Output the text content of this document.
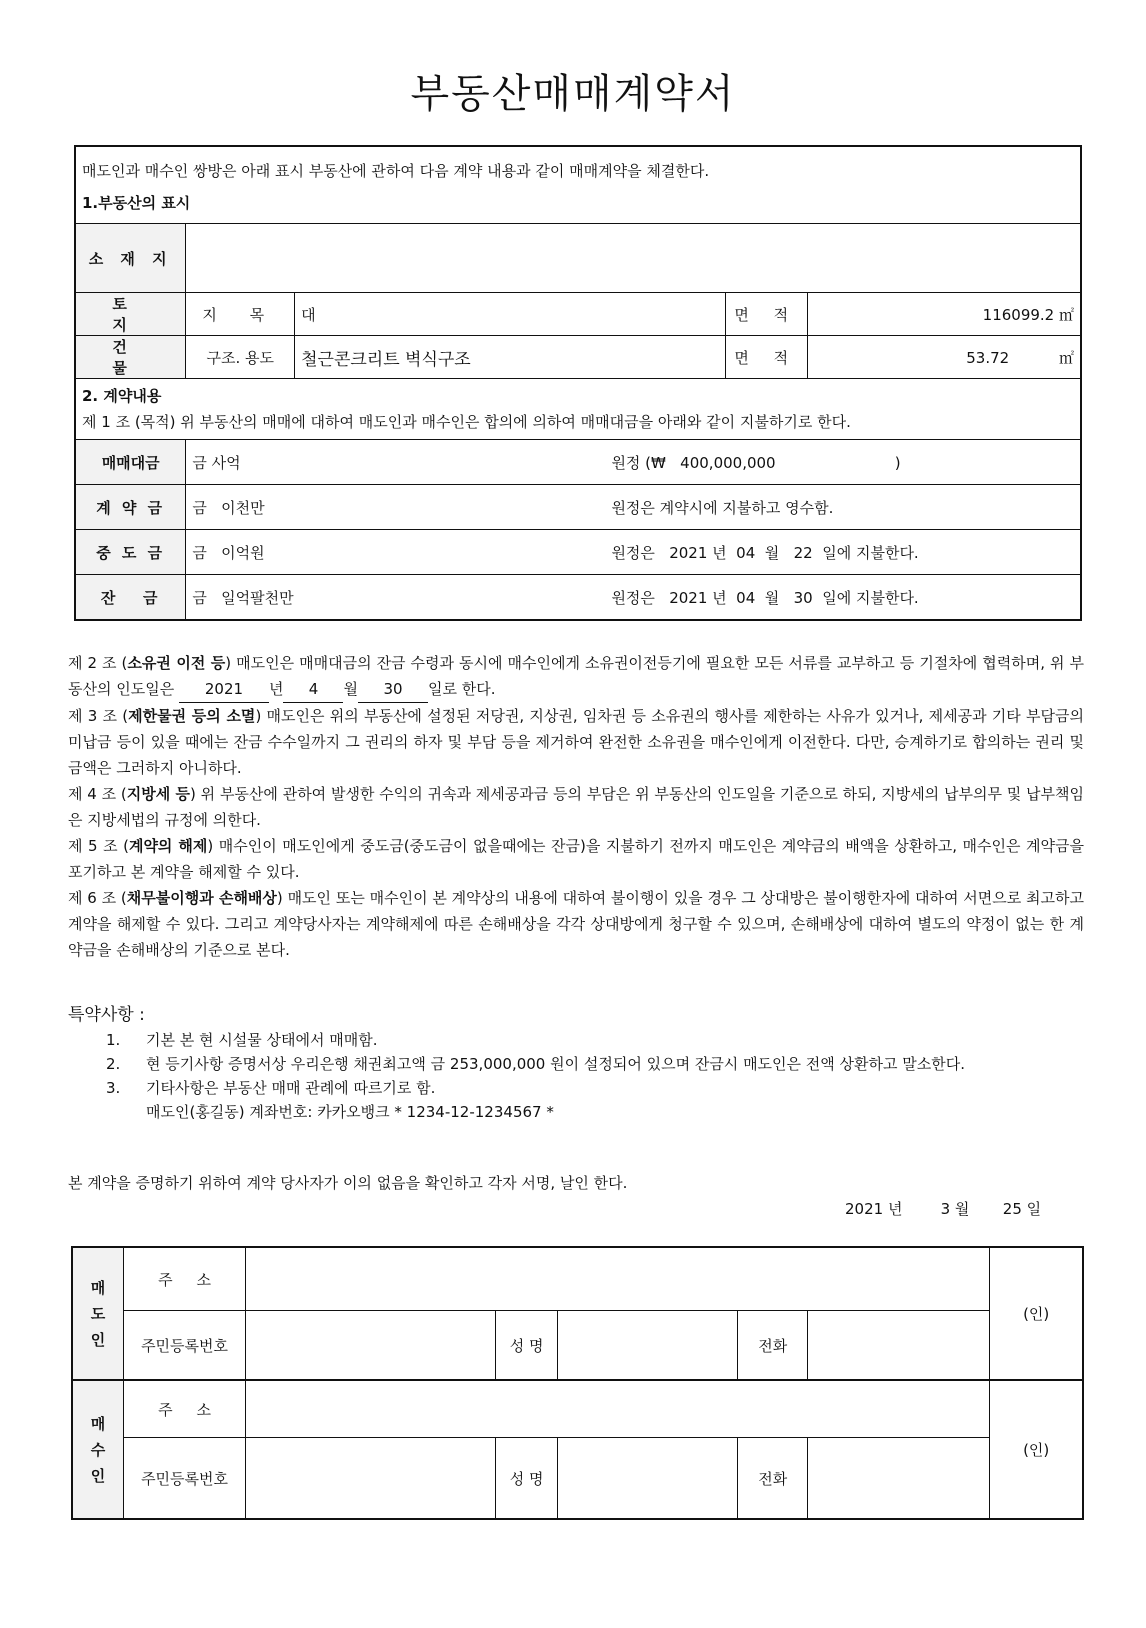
부동산매매계약서
매도인과 매수인 쌍방은 아래 표시 부동산에 관하여 다음 계약 내용과 같이 매매계약을 체결한다.
1.부동산의 표시				

소 재 지				
토 지	지 목	대	면 적	116099.2 ㎡
건 물	구조. 용도	철근콘크리트 벽식구조	면 적	53.72 ㎡

2. 계약내용
제 1 조 (목적) 위 부동산의 매매에 대하여 매도인과 매수인은 합의에 의하여 매매대금을 아래와 같이 지불하기로 한다.				

매매대금	금 사억		원정 (₩   400,000,000                         )	
계 약 금	금   이천만		원정은 계약시에 지불하고 영수함.	
중 도 금	금   이억원		원정은   2021 년  04  월   22  일에 지불한다.	
잔   금	금   일억팔천만		원정은   2021 년  04  월   30  일에 지불한다.	
제 2 조 (소유권 이전 등) 매도인은 매매대금의 잔금 수령과 동시에 매수인에게 소유권이전등기에 필요한 모든 서류를 교부하고 등 기절차에 협력하며, 위 부동산의 인도일은 2021 년 4 월 30 일로 한다.
제 3 조 (제한물권 등의 소멸) 매도인은 위의 부동산에 설정된 저당권, 지상권, 임차권 등 소유권의 행사를 제한하는 사유가 있거나, 제세공과 기타 부담금의 미납금 등이 있을 때에는 잔금 수수일까지 그 권리의 하자 및 부담 등을 제거하여 완전한 소유권을 매수인에게 이전한다. 다만, 승계하기로 합의하는 권리 및 금액은 그러하지 아니하다.
제 4 조 (지방세 등) 위 부동산에 관하여 발생한 수익의 귀속과 제세공과금 등의 부담은 위 부동산의 인도일을 기준으로 하되, 지방세의 납부의무 및 납부책임은 지방세법의 규정에 의한다.
제 5 조 (계약의 해제) 매수인이 매도인에게 중도금(중도금이 없을때에는 잔금)을 지불하기 전까지 매도인은 계약금의 배액을 상환하고, 매수인은 계약금을 포기하고 본 계약을 해제할 수 있다.
제 6 조 (채무불이행과 손해배상) 매도인 또는 매수인이 본 계약상의 내용에 대하여 불이행이 있을 경우 그 상대방은 불이행한자에 대하여 서면으로 최고하고 계약을 해제할 수 있다. 그리고 계약당사자는 계약해제에 따른 손해배상을 각각 상대방에게 청구할 수 있으며, 손해배상에 대하여 별도의 약정이 없는 한 계약금을 손해배상의 기준으로 본다.
특약사항 :
1.	기본 본 현 시설물 상태에서 매매함.
2.	현 등기사항 증명서상 우리은행 채권최고액 금 253,000,000 원이 설정되어 있으며 잔금시 매도인은 전액 상환하고 말소한다.
3.	기타사항은 부동산 매매 관례에 따르기로 함.
매도인(홍길동) 계좌번호: 카카오뱅크 * 1234-12-1234567 *
본 계약을 증명하기 위하여 계약 당사자가 이의 없음을 확인하고 각자 서명, 날인 한다.
2021 년	3 월 25 일
매
도
인	주     소						(인)
	주민등록번호		성 명		전화		
매
수
인	주     소						(인)
	주민등록번호		성 명		전화		
